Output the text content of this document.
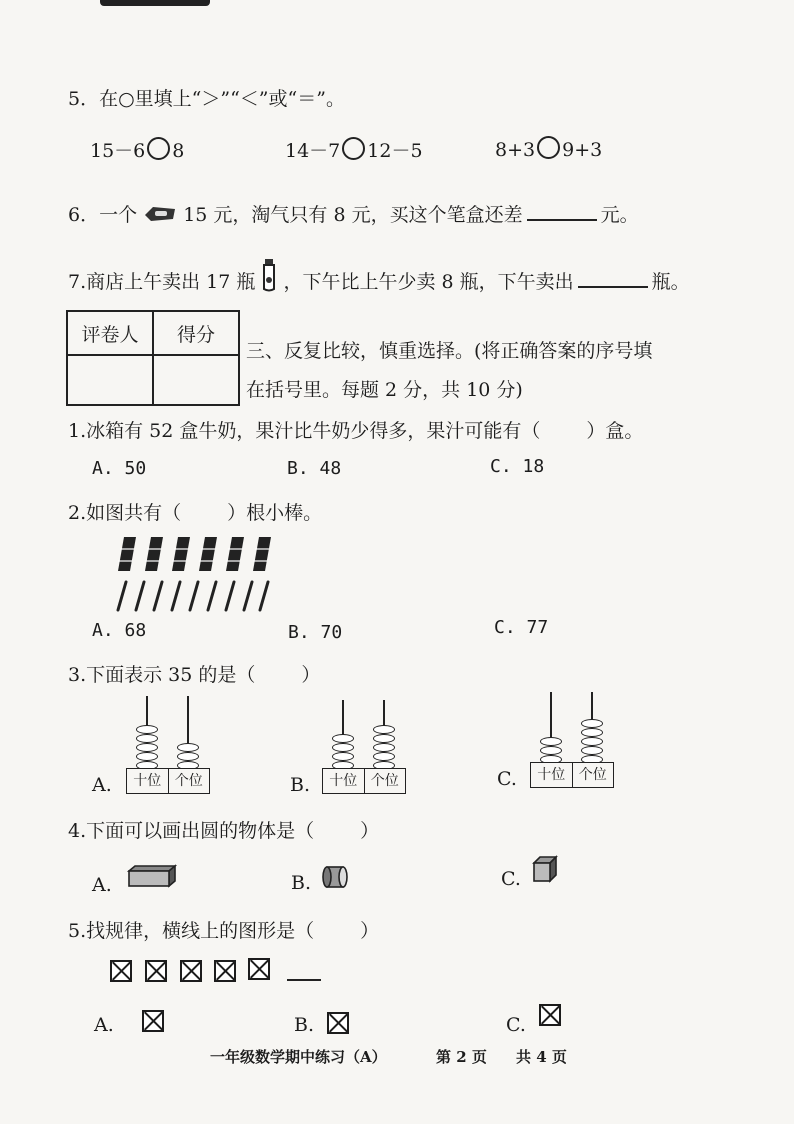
5．在○里填上“＞”“＜”或“＝”。
15－6 8	14－7 12－5	8+3 9+3
6．一个 15 元，淘气只有 8 元，买这个笔盒还差	元。
7.商店上午卖出 17 瓶 ，下午比上午少卖 8 瓶，下午卖出	瓶。
评卷人	得分

三、反复比较，慎重选择。(将正确答案的序号填
在括号里。每题 2 分，共 10 分)
1.冰箱有 52 盒牛奶，果汁比牛奶少得多，果汁可能有（ ）盒。
A. 50	B. 48	C. 18
2.如图共有（ ）根小棒。
A. 68	B. 70	C. 77
3.下面表示 35 的是（ ）
A.	十位 个位	B.	十位 个位	C.	十位 个位
4.下面可以画出圆的物体是（ ）
A.	B.	C.
5.找规律，横线上的图形是（ ）
A.	B.	C.
一年级数学期中练习（A）	第 2 页 共 4 页
